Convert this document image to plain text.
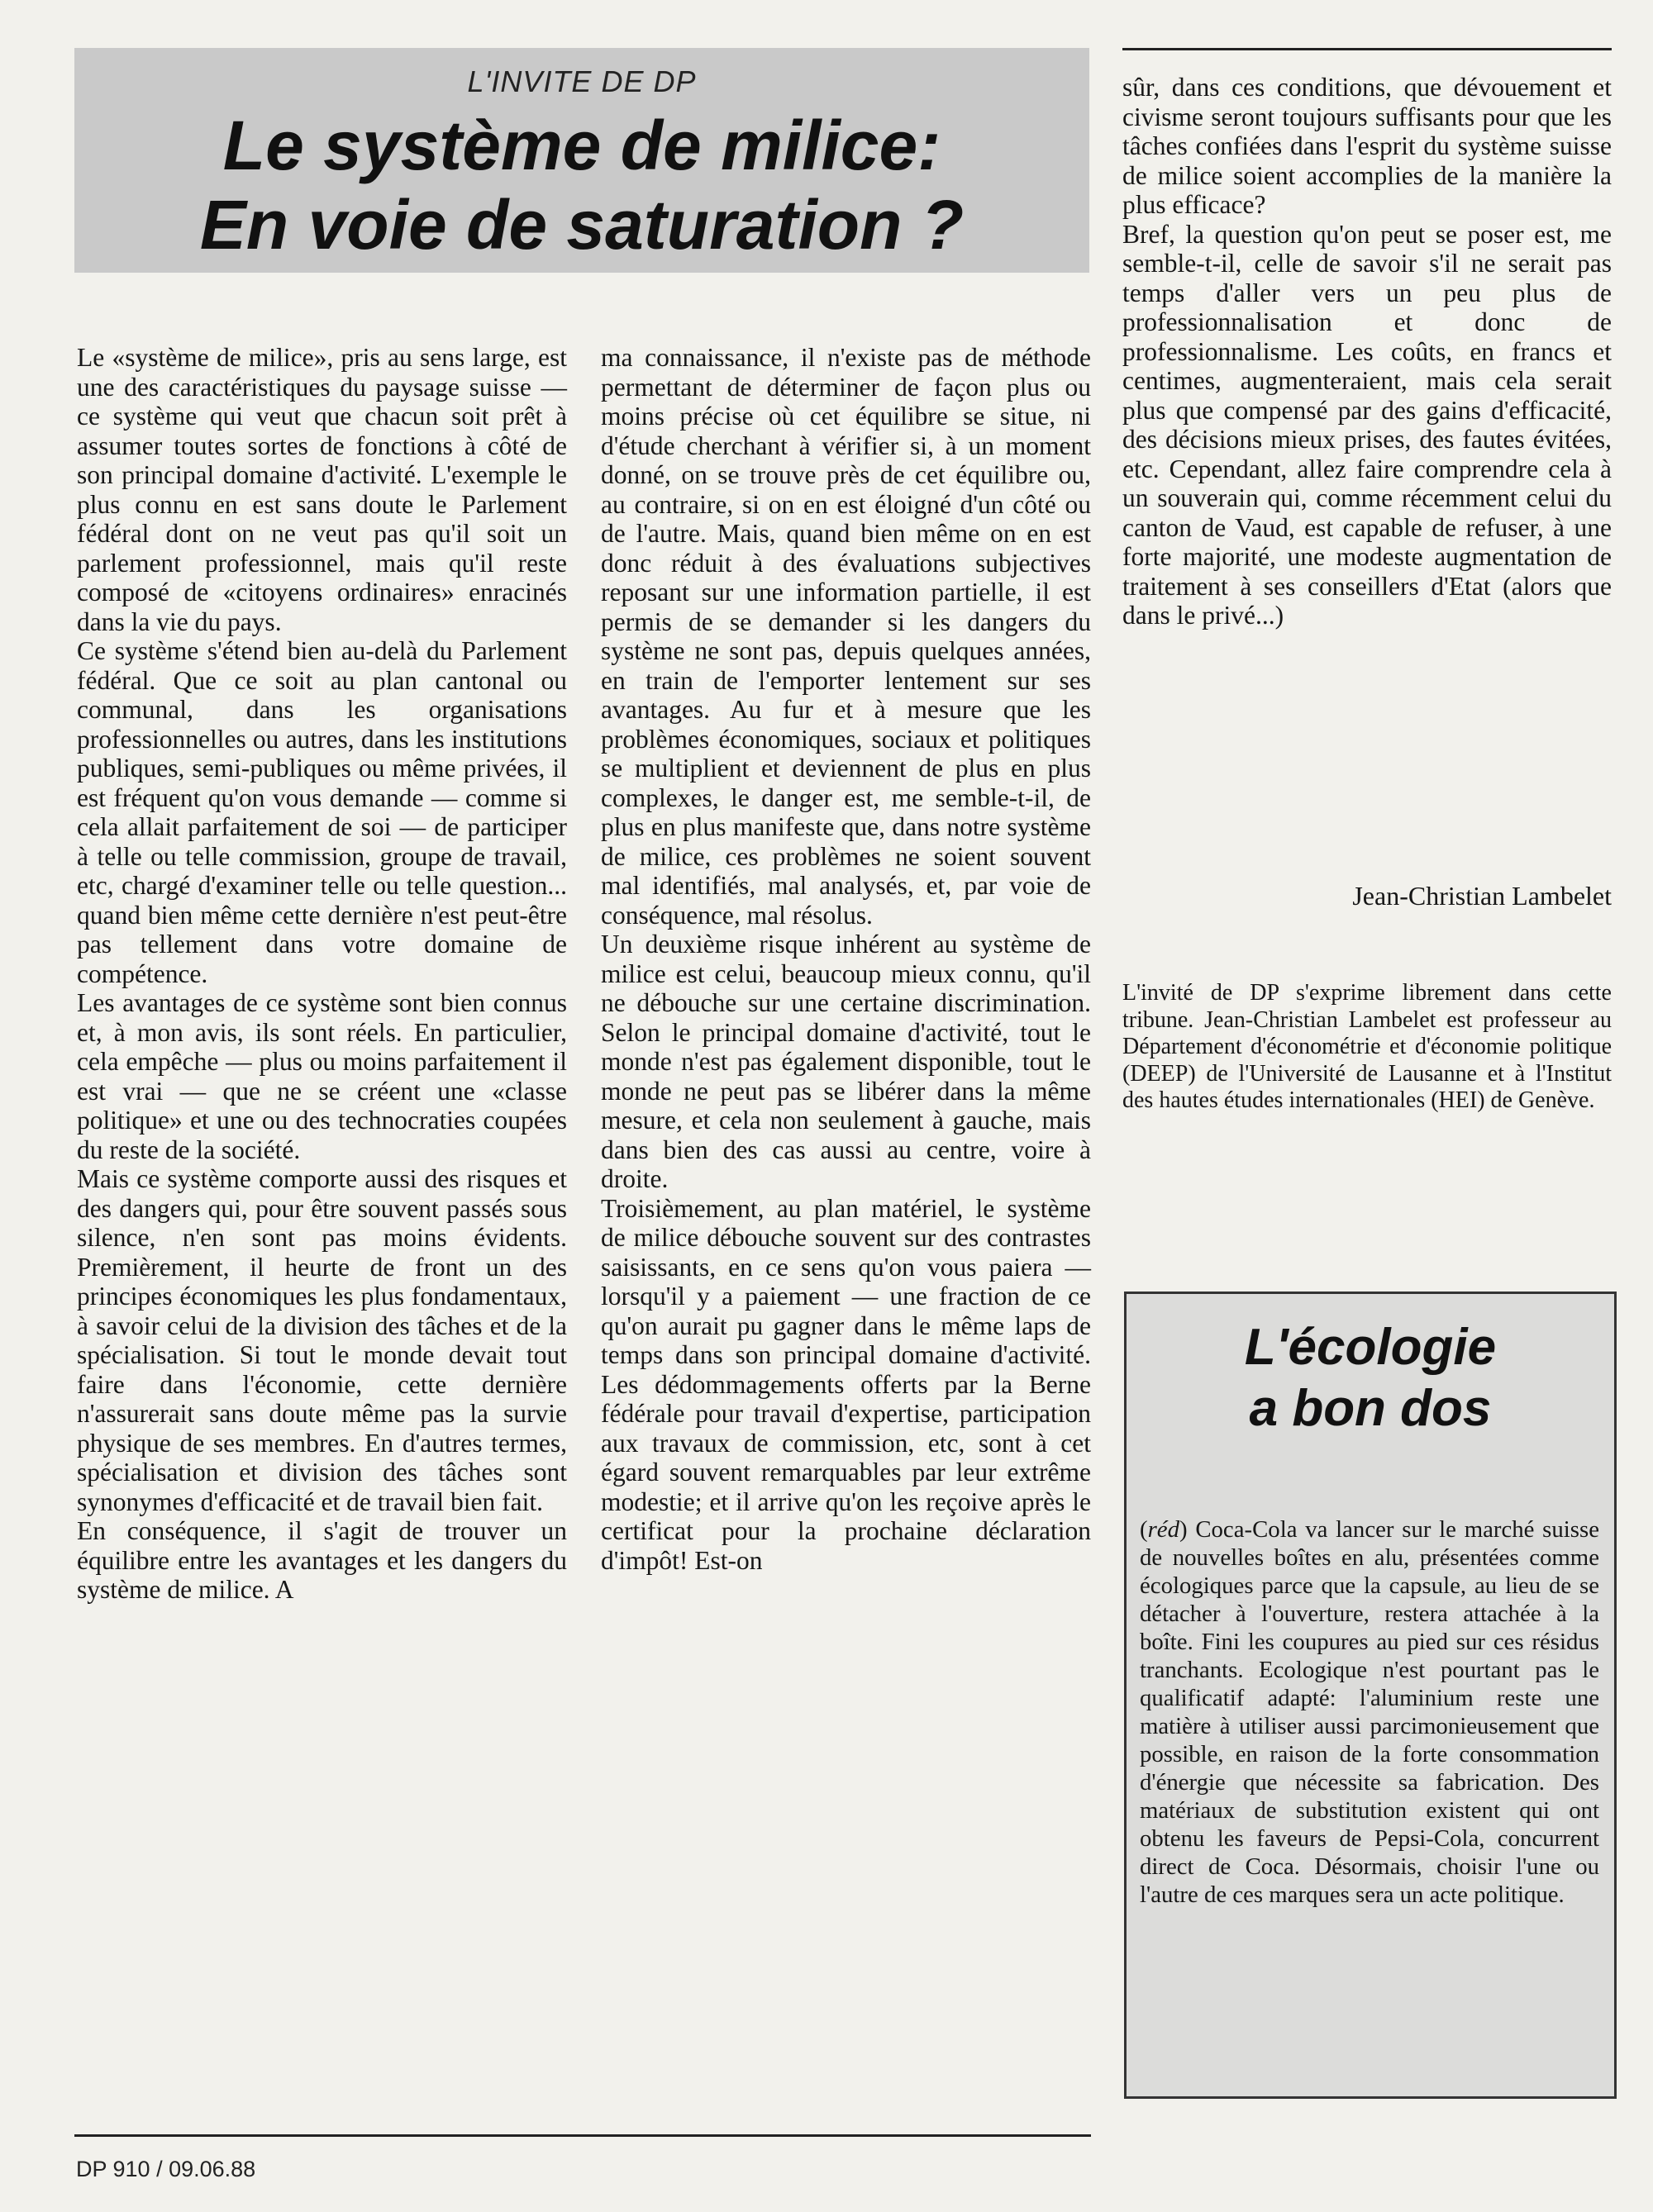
L'INVITE DE DP
Le système de milice:
En voie de saturation ?

Le «système de milice», pris au sens large, est une des caractéristiques du paysage suisse — ce système qui veut que chacun soit prêt à assumer toutes sortes de fonctions à côté de son principal domaine d'activité. L'exemple le plus connu en est sans doute le Parlement fédéral dont on ne veut pas qu'il soit un parlement professionnel, mais qu'il reste composé de «citoyens ordinaires» enracinés dans la vie du pays.

Ce système s'étend bien au-delà du Parlement fédéral. Que ce soit au plan cantonal ou communal, dans les organisations professionnelles ou autres, dans les institutions publiques, semi-publiques ou même privées, il est fréquent qu'on vous demande — comme si cela allait parfaitement de soi — de participer à telle ou telle commission, groupe de travail, etc, chargé d'examiner telle ou telle question... quand bien même cette dernière n'est peut-être pas tellement dans votre domaine de compétence.

Les avantages de ce système sont bien connus et, à mon avis, ils sont réels. En particulier, cela empêche — plus ou moins parfaitement il est vrai — que ne se créent une «classe politique» et une ou des technocraties coupées du reste de la société.

Mais ce système comporte aussi des risques et des dangers qui, pour être souvent passés sous silence, n'en sont pas moins évidents. Premièrement, il heurte de front un des principes économiques les plus fondamentaux, à savoir celui de la division des tâches et de la spécialisation. Si tout le monde devait tout faire dans l'économie, cette dernière n'assurerait sans doute même pas la survie physique de ses membres. En d'autres termes, spécialisation et division des tâches sont synonymes d'efficacité et de travail bien fait.

En conséquence, il s'agit de trouver un équilibre entre les avantages et les dangers du système de milice. A

ma connaissance, il n'existe pas de méthode permettant de déterminer de façon plus ou moins précise où cet équilibre se situe, ni d'étude cherchant à vérifier si, à un moment donné, on se trouve près de cet équilibre ou, au contraire, si on en est éloigné d'un côté ou de l'autre. Mais, quand bien même on en est donc réduit à des évaluations subjectives reposant sur une information partielle, il est permis de se demander si les dangers du système ne sont pas, depuis quelques années, en train de l'emporter lentement sur ses avantages. Au fur et à mesure que les problèmes économiques, sociaux et politiques se multiplient et deviennent de plus en plus complexes, le danger est, me semble-t-il, de plus en plus manifeste que, dans notre système de milice, ces problèmes ne soient souvent mal identifiés, mal analysés, et, par voie de conséquence, mal résolus.

Un deuxième risque inhérent au système de milice est celui, beaucoup mieux connu, qu'il ne débouche sur une certaine discrimination. Selon le principal domaine d'activité, tout le monde n'est pas également disponible, tout le monde ne peut pas se libérer dans la même mesure, et cela non seulement à gauche, mais dans bien des cas aussi au centre, voire à droite.

Troisièmement, au plan matériel, le système de milice débouche souvent sur des contrastes saisissants, en ce sens qu'on vous paiera — lorsqu'il y a paiement — une fraction de ce qu'on aurait pu gagner dans le même laps de temps dans son principal domaine d'activité. Les dédommagements offerts par la Berne fédérale pour travail d'expertise, participation aux travaux de commission, etc, sont à cet égard souvent remarquables par leur extrême modestie; et il arrive qu'on les reçoive après le certificat pour la prochaine déclaration d'impôt! Est-on

sûr, dans ces conditions, que dévouement et civisme seront toujours suffisants pour que les tâches confiées dans l'esprit du système suisse de milice soient accomplies de la manière la plus efficace?

Bref, la question qu'on peut se poser est, me semble-t-il, celle de savoir s'il ne serait pas temps d'aller vers un peu plus de professionnalisation et donc de professionnalisme. Les coûts, en francs et centimes, augmenteraient, mais cela serait plus que compensé par des gains d'efficacité, des décisions mieux prises, des fautes évitées, etc. Cependant, allez faire comprendre cela à un souverain qui, comme récemment celui du canton de Vaud, est capable de refuser, à une forte majorité, une modeste augmentation de traitement à ses conseillers d'Etat (alors que dans le privé...)

Jean-Christian Lambelet
L'invité de DP s'exprime librement dans cette tribune. Jean-Christian Lambelet est professeur au Département d'économétrie et d'économie politique (DEEP) de l'Université de Lausanne et à l'Institut des hautes études internationales (HEI) de Genève.
L'écologie
a bon dos

(réd) Coca-Cola va lancer sur le marché suisse de nouvelles boîtes en alu, présentées comme écologiques parce que la capsule, au lieu de se détacher à l'ouverture, restera attachée à la boîte. Fini les coupures au pied sur ces résidus tranchants. Ecologique n'est pourtant pas le qualificatif adapté: l'aluminium reste une matière à utiliser aussi parcimonieusement que possible, en raison de la forte consommation d'énergie que nécessite sa fabrication. Des matériaux de substitution existent qui ont obtenu les faveurs de Pepsi-Cola, concurrent direct de Coca. Désormais, choisir l'une ou l'autre de ces marques sera un acte politique.

DP 910 / 09.06.88
